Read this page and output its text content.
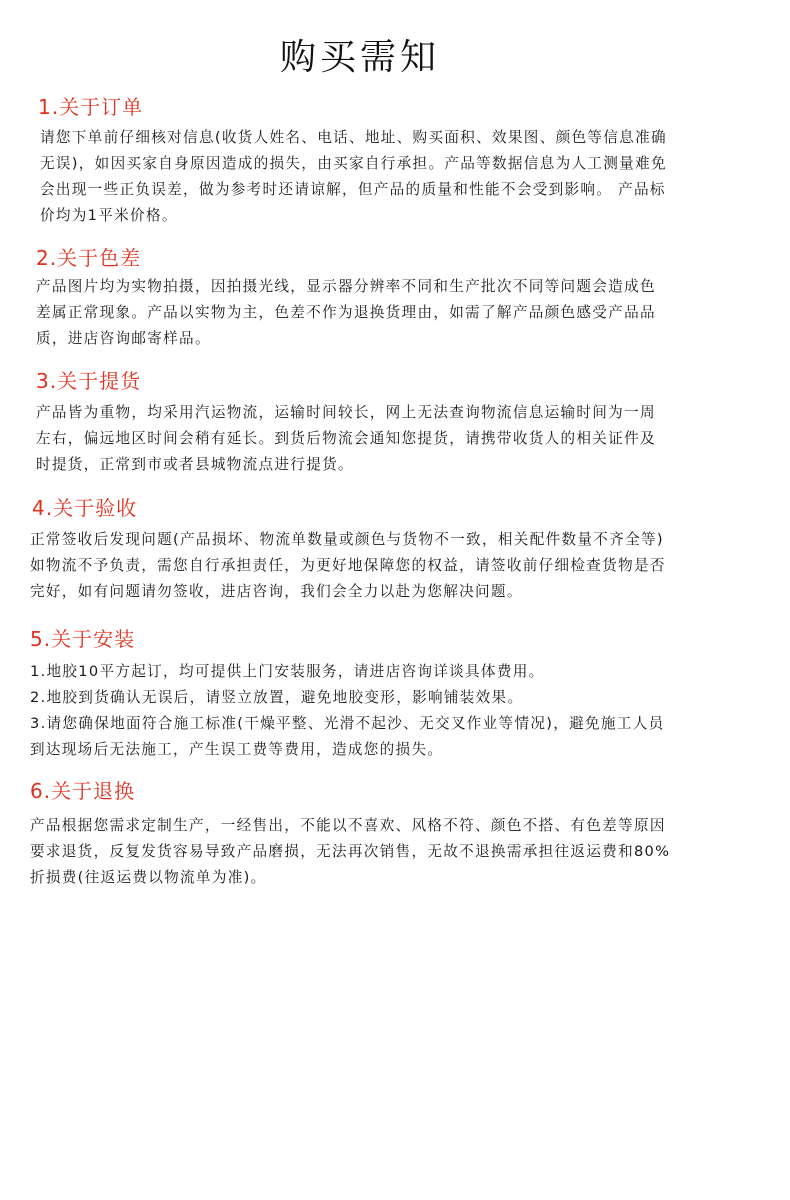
购买需知
1.关于订单
请您下单前仔细核对信息(收货人姓名、电话、地址、购买面积、效果图、颜色等信息准确
无误)，如因买家自身原因造成的损失，由买家自行承担。产品等数据信息为人工测量难免
会出现一些正负误差，做为参考时还请谅解，但产品的质量和性能不会受到影响。 产品标
价均为1平米价格。
2.关于色差
产品图片均为实物拍摄，因拍摄光线，显示器分辨率不同和生产批次不同等问题会造成色
差属正常现象。产品以实物为主，色差不作为退换货理由，如需了解产品颜色感受产品品
质，进店咨询邮寄样品。
3.关于提货
产品皆为重物，均采用汽运物流，运输时间较长，网上无法查询物流信息运输时间为一周
左右，偏远地区时间会稍有延长。到货后物流会通知您提货，请携带收货人的相关证件及
时提货，正常到市或者县城物流点进行提货。
4.关于验收
正常签收后发现问题(产品损坏、物流单数量或颜色与货物不一致，相关配件数量不齐全等)
如物流不予负责，需您自行承担责任，为更好地保障您的权益，请签收前仔细检查货物是否
完好，如有问题请勿签收，进店咨询，我们会全力以赴为您解决问题。
5.关于安装
1.地胶10平方起订，均可提供上门安装服务，请进店咨询详谈具体费用。
2.地胶到货确认无误后，请竖立放置，避免地胶变形，影响铺装效果。
3.请您确保地面符合施工标准(干燥平整、光滑不起沙、无交叉作业等情况)，避免施工人员
到达现场后无法施工，产生误工费等费用，造成您的损失。
6.关于退换
产品根据您需求定制生产，一经售出，不能以不喜欢、风格不符、颜色不搭、有色差等原因
要求退货，反复发货容易导致产品磨损，无法再次销售，无故不退换需承担往返运费和80%
折损费(往返运费以物流单为准)。
